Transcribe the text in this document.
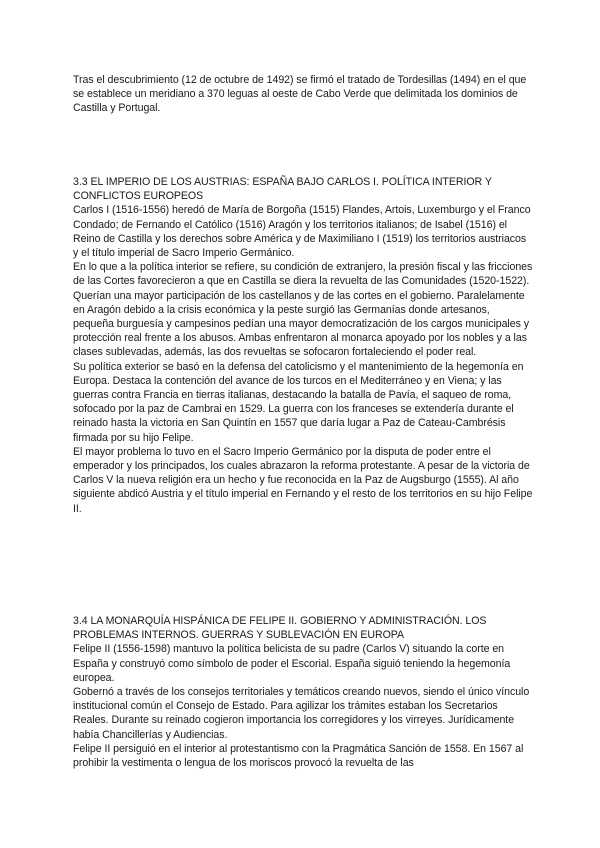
Tras el descubrimiento (12 de octubre de 1492) se firmó el tratado de Tordesillas (1494) en el que se establece un meridiano a 370 leguas al oeste de Cabo Verde que delimitada los dominios de Castilla y Portugal.

3.3 EL IMPERIO DE LOS AUSTRIAS: ESPAÑA BAJO CARLOS I. POLÍTICA INTERIOR Y CONFLICTOS EUROPEOS

Carlos I (1516-1556) heredó de María de Borgoña (1515) Flandes, Artois, Luxemburgo y el Franco Condado; de Fernando el Católico (1516) Aragón y los territorios italianos; de Isabel (1516) el Reino de Castilla y los derechos sobre América y de Maximiliano I (1519) los territorios austriacos y el título imperial de Sacro Imperio Germánico.

En lo que a la política interior se refiere, su condición de extranjero, la presión fiscal y las fricciones de las Cortes favorecieron a que en Castilla se diera la revuelta de las Comunidades (1520-1522). Querían una mayor participación de los castellanos y de las cortes en el gobierno. Paralelamente en Aragón debido a la crisis económica y la peste surgió las Germanías donde artesanos, pequeña burguesía y campesinos pedían una mayor democratización de los cargos municipales y protección real frente a los abusos. Ambas enfrentaron al monarca apoyado por los nobles y a las clases sublevadas, además, las dos revueltas se sofocaron fortaleciendo el poder real.

Su política exterior se basó en la defensa del catolicismo y el mantenimiento de la hegemonía en Europa. Destaca la contención del avance de los turcos en el Mediterráneo y en Viena; y las guerras contra Francia en tierras italianas, destacando la batalla de Pavía, el saqueo de roma, sofocado por la paz de Cambrai en 1529. La guerra con los franceses se extendería durante el reinado hasta la victoria en San Quintín en 1557 que daría lugar a Paz de Cateau-Cambrésis firmada por su hijo Felipe.

El mayor problema lo tuvo en el Sacro Imperio Germánico por la disputa de poder entre el emperador y los principados, los cuales abrazaron la reforma protestante. A pesar de la victoria de Carlos V la nueva religión era un hecho y fue reconocida en la Paz de Augsburgo (1555). Al año siguiente abdicó Austria y el título imperial en Fernando y el resto de los territorios en su hijo Felipe II.

3.4 LA MONARQUÍA HISPÁNICA DE FELIPE II. GOBIERNO Y ADMINISTRACIÓN. LOS PROBLEMAS INTERNOS. GUERRAS Y SUBLEVACIÓN EN EUROPA

Felipe II (1556-1598) mantuvo la política belicista de su padre (Carlos V) situando la corte en España y construyó como símbolo de poder el Escorial. España siguió teniendo la hegemonía europea.

Gobernó a través de los consejos territoriales y temáticos creando nuevos, siendo el único vínculo institucional común el Consejo de Estado. Para agilizar los trámites estaban los Secretarios Reales. Durante su reinado cogieron importancia los corregidores y los virreyes. Jurídicamente había Chancillerías y Audiencias.

Felipe II persiguió en el interior al protestantismo con la Pragmática Sanción de 1558. En 1567 al prohibir la vestimenta o lengua de los moriscos provocó la revuelta de las
